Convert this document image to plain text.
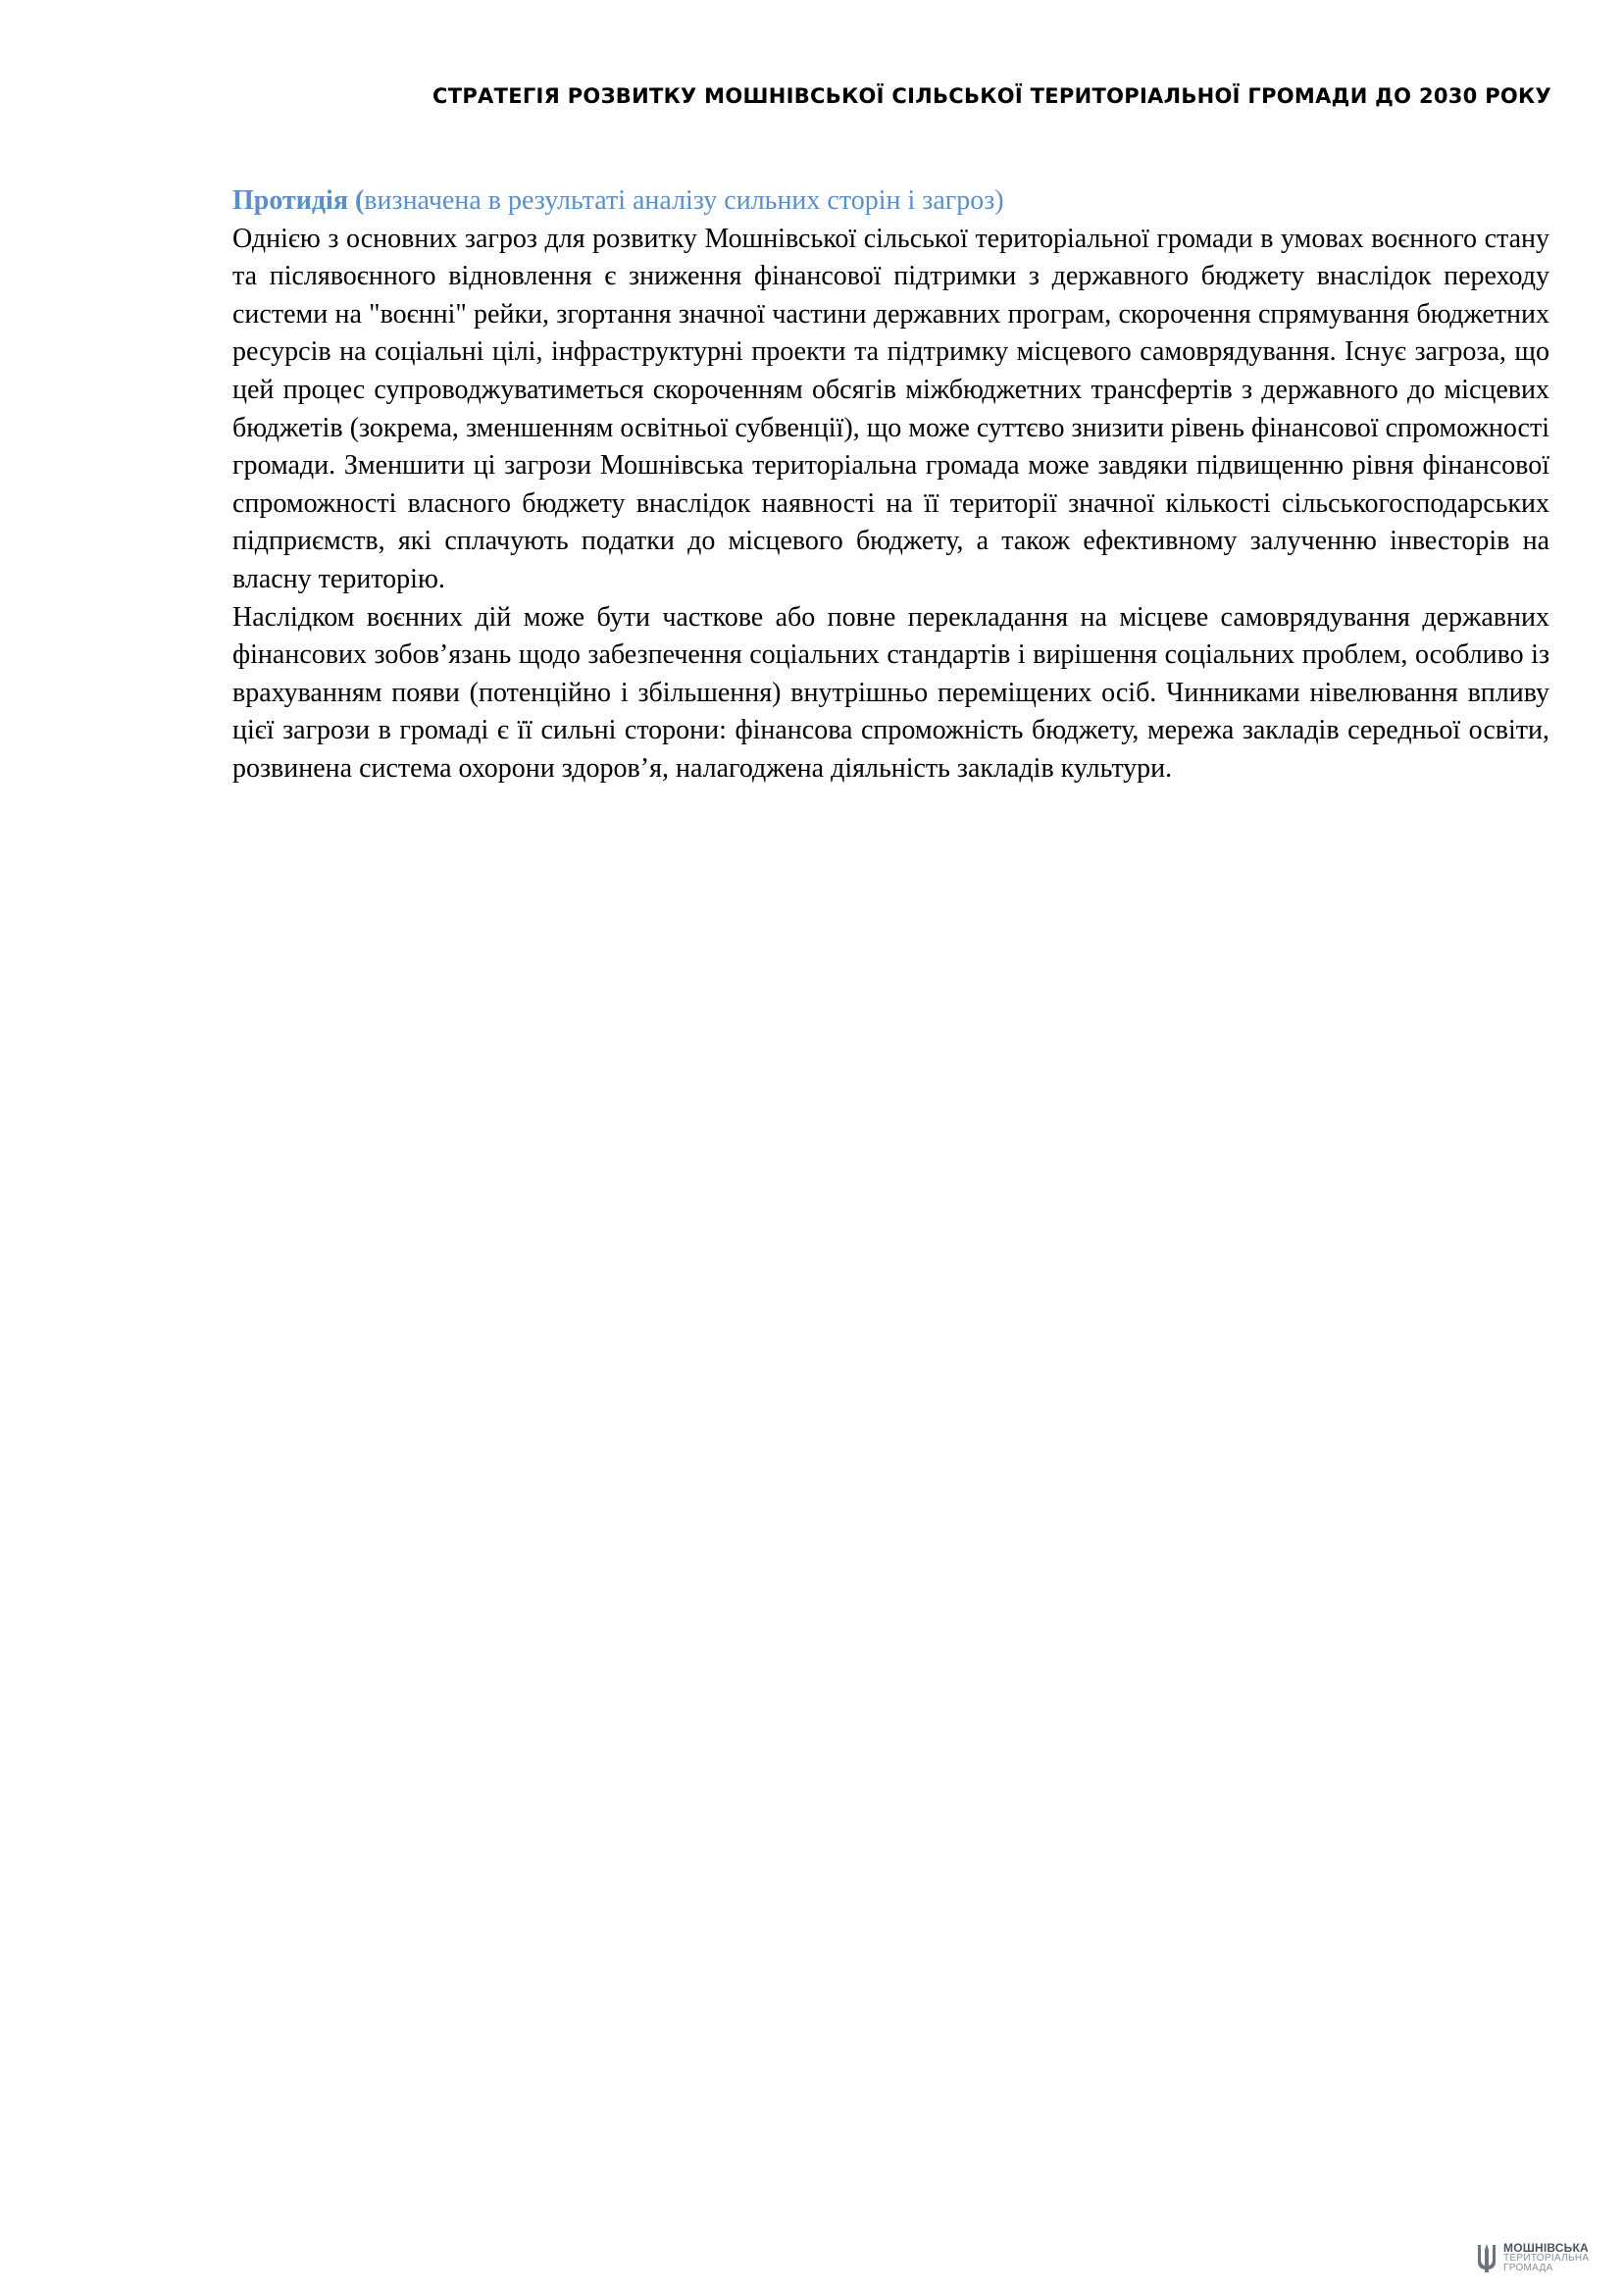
СТРАТЕГІЯ РОЗВИТКУ МОШНІВСЬКОЇ СІЛЬСЬКОЇ ТЕРИТОРІАЛЬНОЇ ГРОМАДИ ДО 2030 РОКУ
Протидія (визначена в результаті аналізу сильних сторін і загроз)

Однією з основних загроз для розвитку Мошнівської сільської територіальної громади в умовах воєнного стану та післявоєнного відновлення є зниження фінансової підтримки з державного бюджету внаслідок переходу системи на "воєнні" рейки, згортання значної частини державних програм, скорочення спрямування бюджетних ресурсів на соціальні цілі, інфраструктурні проекти та підтримку місцевого самоврядування. Існує загроза, що цей процес супроводжуватиметься скороченням обсягів міжбюджетних трансфертів з державного до місцевих бюджетів (зокрема, зменшенням освітньої субвенції), що може суттєво знизити рівень фінансової спроможності громади. Зменшити ці загрози Мошнівська територіальна громада може завдяки підвищенню рівня фінансової спроможності власного бюджету внаслідок наявності на її території значної кількості сільськогосподарських підприємств, які сплачують податки до місцевого бюджету, а також ефективному залученню інвесторів на власну територію.

Наслідком воєнних дій може бути часткове або повне перекладання на місцеве самоврядування державних фінансових зобов’язань щодо забезпечення соціальних стандартів і вирішення соціальних проблем, особливо із врахуванням появи (потенційно і збільшення) внутрішньо переміщених осіб. Чинниками нівелювання впливу цієї загрози в громаді є її сильні сторони: фінансова спроможність бюджету, мережа закладів середньої освіти, розвинена система охорони здоров’я, налагоджена діяльність закладів культури.

МОШНІВСЬКА
ТЕРИТОРІАЛЬНА
ГРОМАДА
